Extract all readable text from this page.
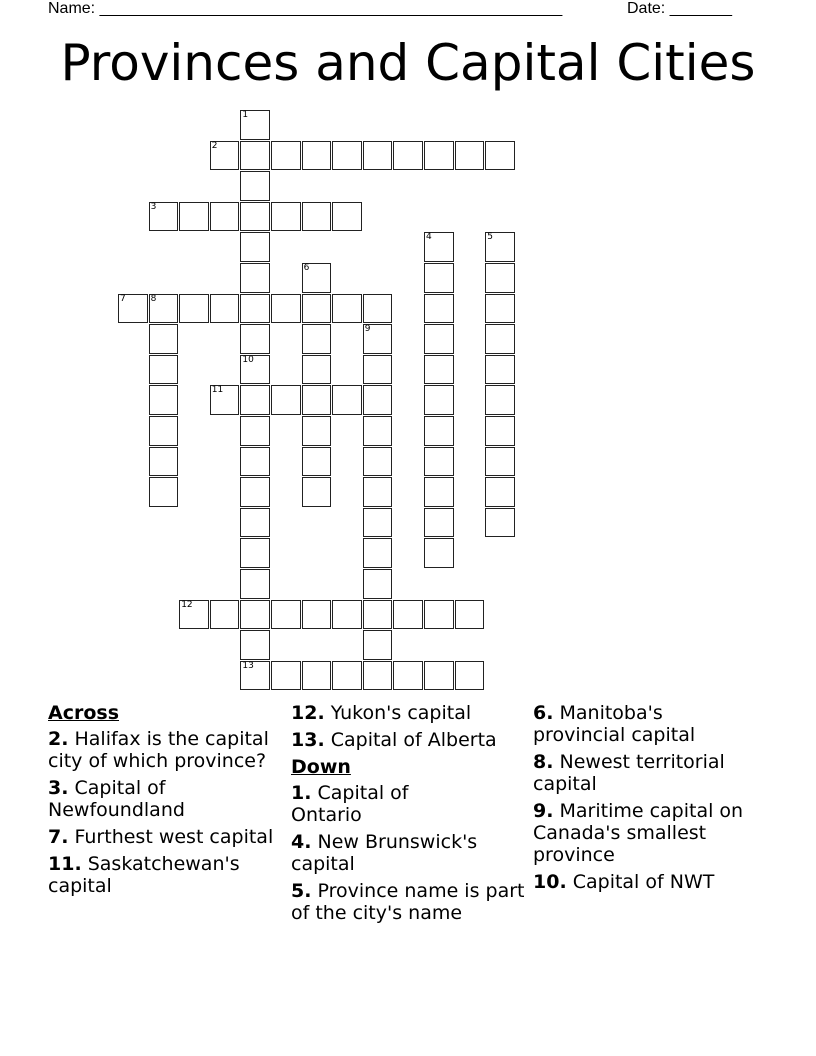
Name: ____________________________________________________	Date: _______
Provinces and Capital Cities
1
2
3
4	5
6
7	8
9
10
13
11
12
Across
2. Halifax is the capital city of which province?
3. Capital of Newfoundland
7. Furthest west capital
11. Saskatchewan's capital
12. Yukon's capital
13. Capital of Alberta
Down
1. Capital of Ontario
4. New Brunswick's capital
5. Province name is part of the city's name
6. Manitoba's provincial capital
8. Newest territorial capital
9. Maritime capital on Canada's smallest province
10. Capital of NWT
